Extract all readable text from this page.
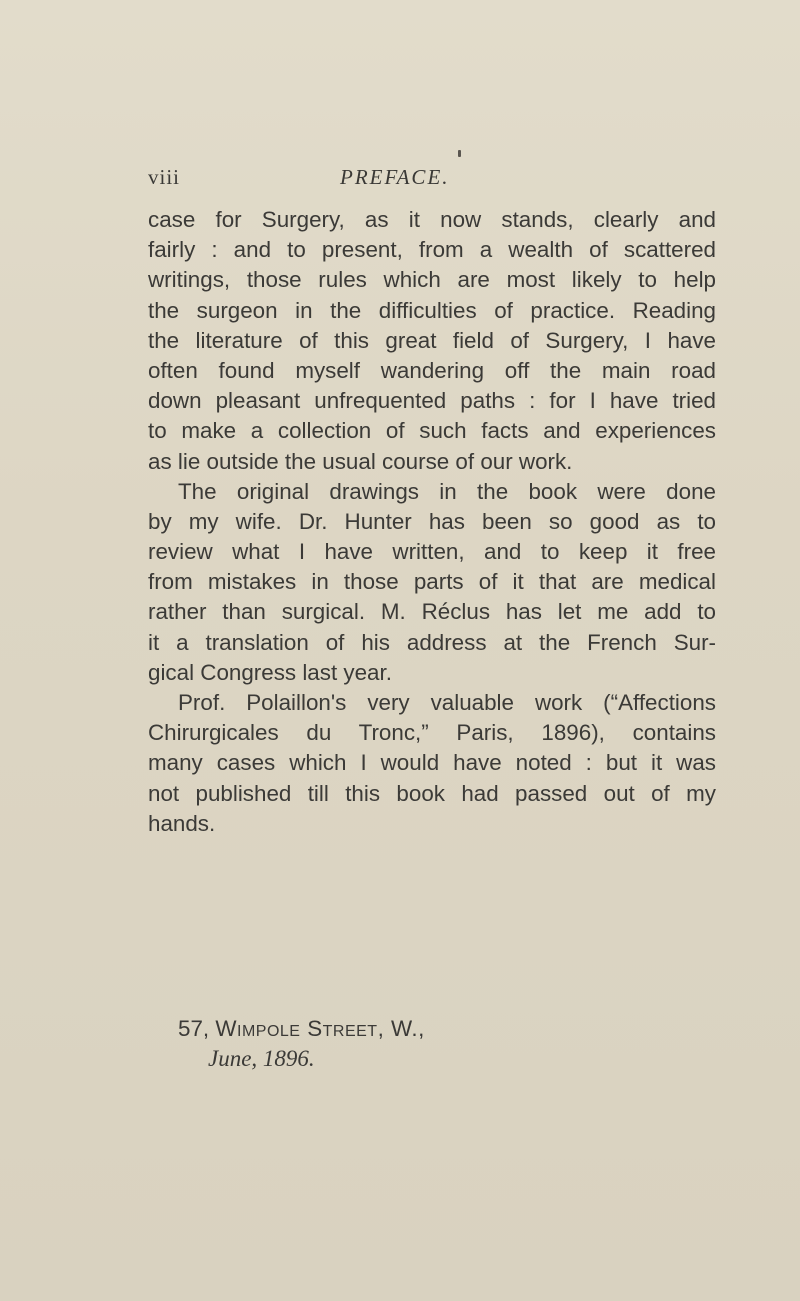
viii	PREFACE.
case for Surgery, as it now stands, clearly and
fairly : and to present, from a wealth of scattered
writings, those rules which are most likely to help
the surgeon in the difficulties of practice. Reading
the literature of this great field of Surgery, I have
often found myself wandering off the main road
down pleasant unfrequented paths : for I have tried
to make a collection of such facts and experiences
as lie outside the usual course of our work.
The original drawings in the book were done
by my wife. Dr. Hunter has been so good as to
review what I have written, and to keep it free
from mistakes in those parts of it that are medical
rather than surgical. M. Réclus has let me add to
it a translation of his address at the French Sur-
gical Congress last year.
Prof. Polaillon's very valuable work (“Affections
Chirurgicales du Tronc,” Paris, 1896), contains
many cases which I would have noted : but it was
not published till this book had passed out of my
hands.
57, Wimpole Street, W.,
June, 1896.
